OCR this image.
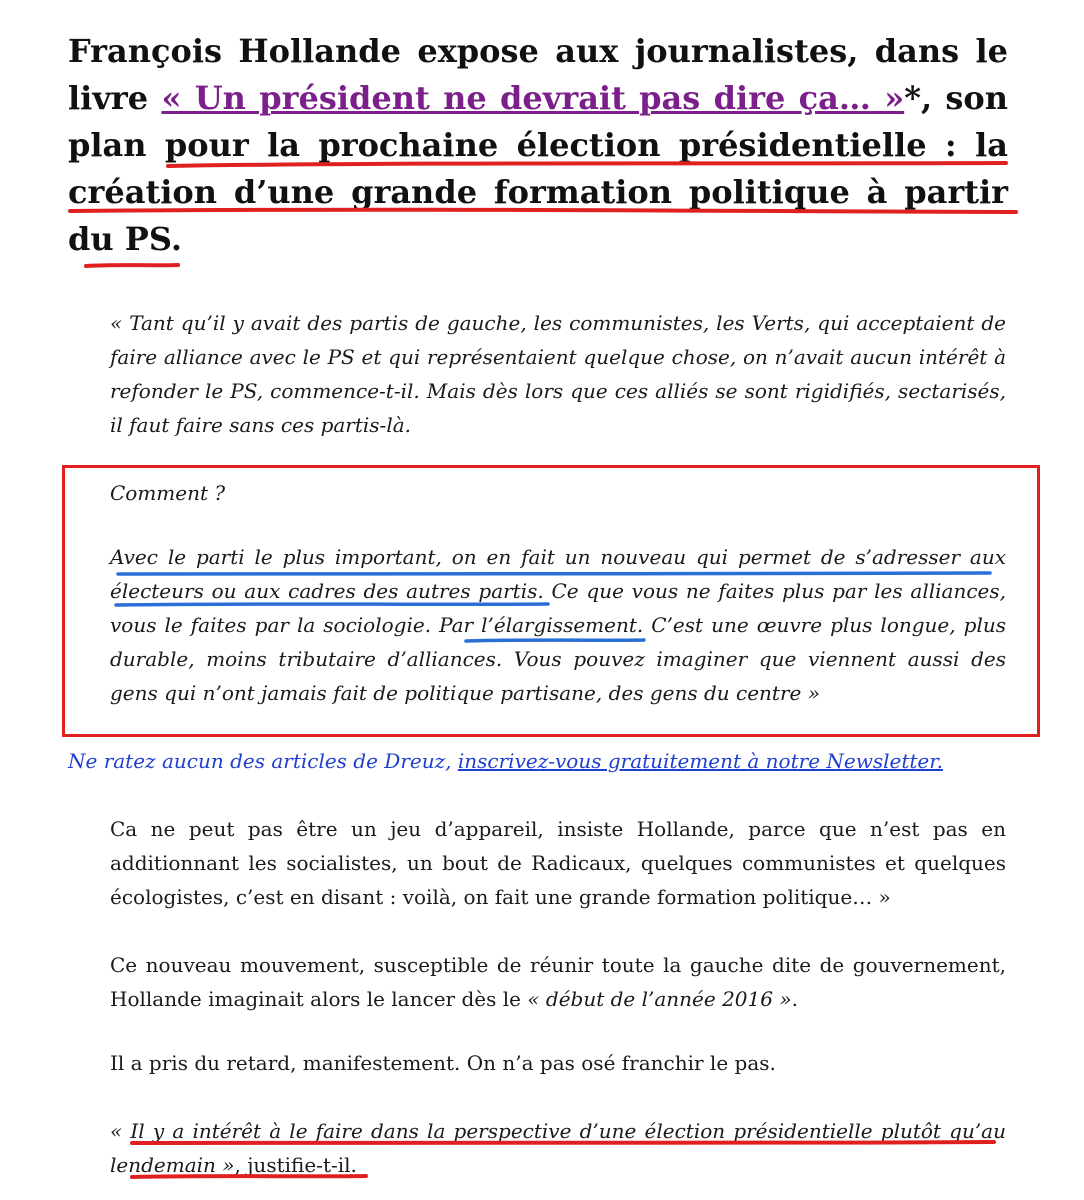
François Hollande expose aux journalistes, dans le livre « Un président ne devrait pas dire ça… »*, son plan pour la prochaine élection présidentielle : la création d’une grande formation politique à partir du PS.

« Tant qu’il y avait des partis de gauche, les communistes, les Verts, qui acceptaient de faire alliance avec le PS et qui représentaient quelque chose, on n’avait aucun intérêt à refonder le PS, commence-t-il. Mais dès lors que ces alliés se sont rigidifiés, sectarisés, il faut faire sans ces partis-là.

Comment ?

Avec le parti le plus important, on en fait un nouveau qui permet de s’adresser aux électeurs ou aux cadres des autres partis. Ce que vous ne faites plus par les alliances, vous le faites par la sociologie. Par l’élargissement. C’est une œuvre plus longue, plus durable, moins tributaire d’alliances. Vous pouvez imaginer que viennent aussi des gens qui n’ont jamais fait de politique partisane, des gens du centre »

Ne ratez aucun des articles de Dreuz, inscrivez-vous gratuitement à notre Newsletter.

Ca ne peut pas être un jeu d’appareil, insiste Hollande, parce que n’est pas en additionnant les socialistes, un bout de Radicaux, quelques communistes et quelques écologistes, c’est en disant : voilà, on fait une grande formation politique… »

Ce nouveau mouvement, susceptible de réunir toute la gauche dite de gouvernement, Hollande imaginait alors le lancer dès le « début de l’année 2016 ».

Il a pris du retard, manifestement. On n’a pas osé franchir le pas.

« Il y a intérêt à le faire dans la perspective d’une élection présidentielle plutôt qu’au lendemain », justifie-t-il.
